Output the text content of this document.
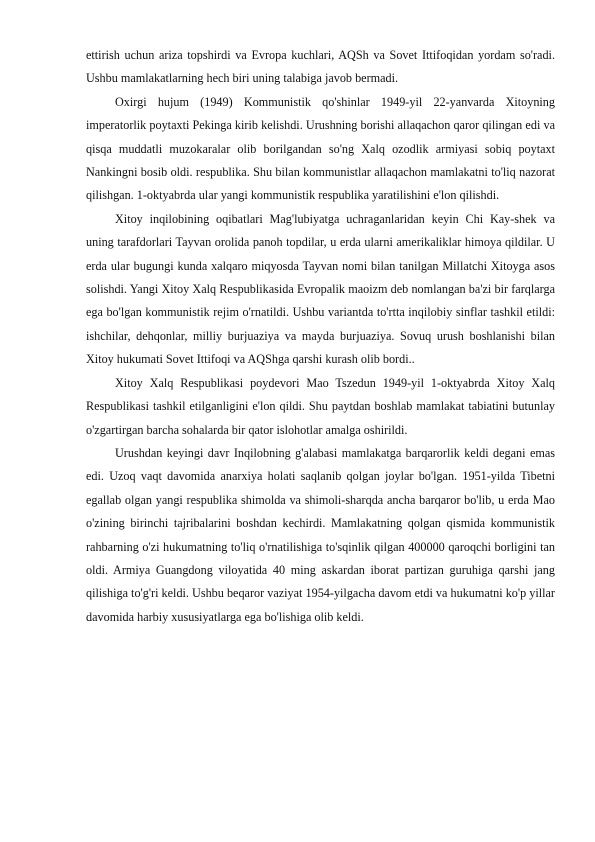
ettirish uchun ariza topshirdi va Evropa kuchlari, AQSh va Sovet Ittifoqidan yordam so'radi. Ushbu mamlakatlarning hech biri uning talabiga javob bermadi.

Oxirgi hujum (1949) Kommunistik qo'shinlar 1949-yil 22-yanvarda Xitoyning imperatorlik poytaxti Pekinga kirib kelishdi. Urushning borishi allaqachon qaror qilingan edi va qisqa muddatli muzokaralar olib borilgandan so'ng Xalq ozodlik armiyasi sobiq poytaxt Nankingni bosib oldi. respublika. Shu bilan kommunistlar allaqachon mamlakatni to'liq nazorat qilishgan. 1-oktyabrda ular yangi kommunistik respublika yaratilishini e'lon qilishdi.

Xitoy inqilobining oqibatlari Mag'lubiyatga uchraganlaridan keyin Chi Kay-shek va uning tarafdorlari Tayvan orolida panoh topdilar, u erda ularni amerikaliklar himoya qildilar. U erda ular bugungi kunda xalqaro miqyosda Tayvan nomi bilan tanilgan Millatchi Xitoyga asos solishdi. Yangi Xitoy Xalq Respublikasida Evropalik maoizm deb nomlangan ba'zi bir farqlarga ega bo'lgan kommunistik rejim o'rnatildi. Ushbu variantda to'rtta inqilobiy sinflar tashkil etildi: ishchilar, dehqonlar, milliy burjuaziya va mayda burjuaziya. Sovuq urush boshlanishi bilan Xitoy hukumati Sovet Ittifoqi va AQShga qarshi kurash olib bordi..

Xitoy Xalq Respublikasi poydevori Mao Tszedun 1949-yil 1-oktyabrda Xitoy Xalq Respublikasi tashkil etilganligini e'lon qildi. Shu paytdan boshlab mamlakat tabiatini butunlay o'zgartirgan barcha sohalarda bir qator islohotlar amalga oshirildi.

Urushdan keyingi davr Inqilobning g'alabasi mamlakatga barqarorlik keldi degani emas edi. Uzoq vaqt davomida anarxiya holati saqlanib qolgan joylar bo'lgan. 1951-yilda Tibetni egallab olgan yangi respublika shimolda va shimoli-sharqda ancha barqaror bo'lib, u erda Mao o'zining birinchi tajribalarini boshdan kechirdi. Mamlakatning qolgan qismida kommunistik rahbarning o'zi hukumatning to'liq o'rnatilishiga to'sqinlik qilgan 400000 qaroqchi borligini tan oldi. Armiya Guangdong viloyatida 40 ming askardan iborat partizan guruhiga qarshi jang qilishiga to'g'ri keldi. Ushbu beqaror vaziyat 1954-yilgacha davom etdi va hukumatni ko'p yillar davomida harbiy xususiyatlarga ega bo'lishiga olib keldi.
